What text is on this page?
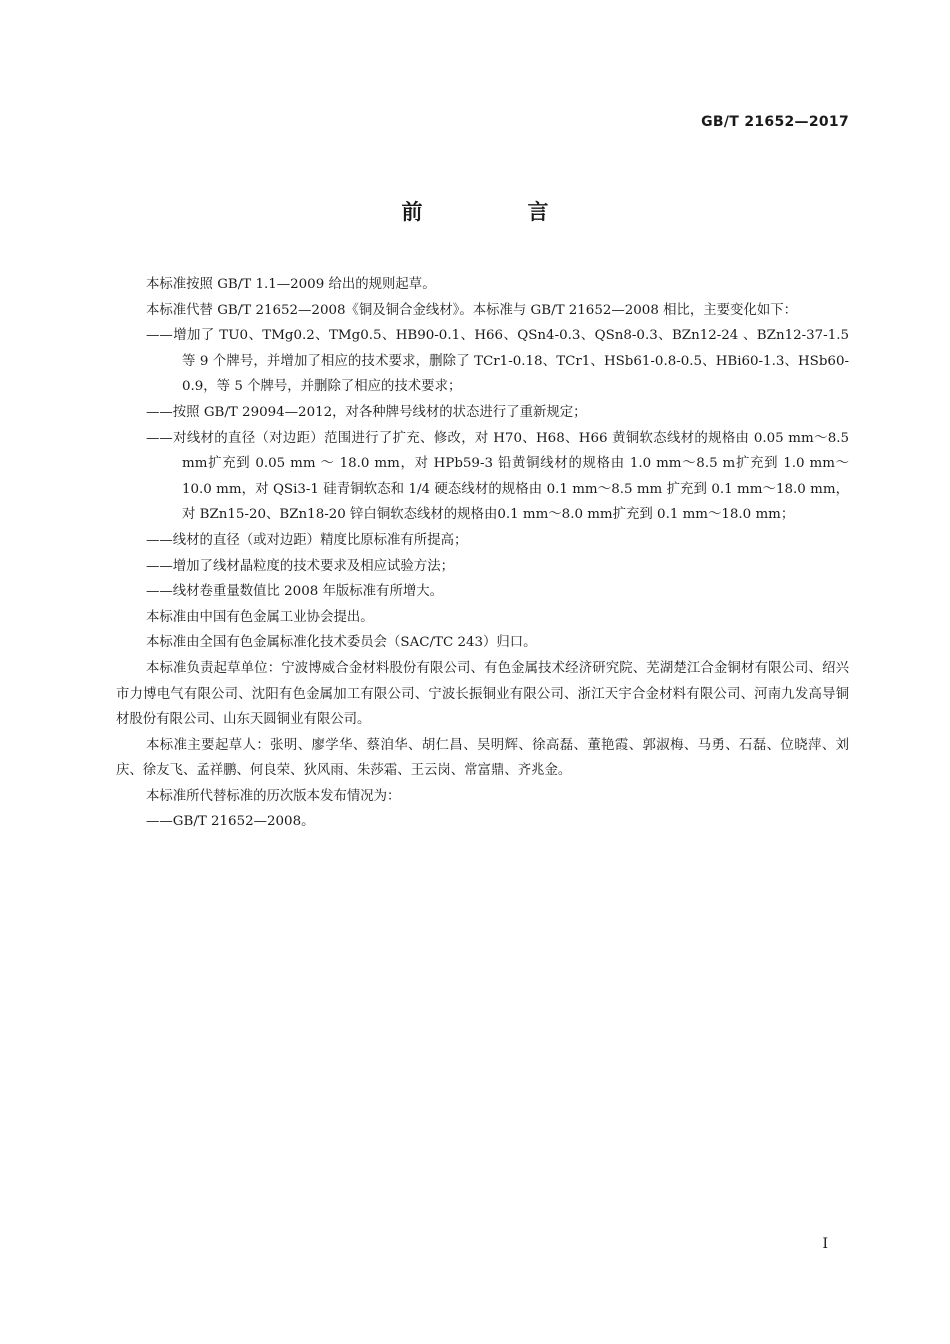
GB/T 21652—2017
前　言

本标准按照 GB/T 1.1—2009 给出的规则起草。

本标准代替 GB/T 21652—2008《铜及铜合金线材》。本标准与 GB/T 21652—2008 相比，主要变化如下：

——增加了 TU0、TMg0.2、TMg0.5、HB90-0.1、H66、QSn4-0.3、QSn8-0.3、BZn12-24 、BZn12-37-1.5 等 9 个牌号，并增加了相应的技术要求，删除了 TCr1-0.18、TCr1、HSb61-0.8-0.5、HBi60-1.3、HSb60-0.9，等 5 个牌号，并删除了相应的技术要求；

——按照 GB/T 29094—2012，对各种牌号线材的状态进行了重新规定；

——对线材的直径（对边距）范围进行了扩充、修改，对 H70、H68、H66 黄铜软态线材的规格由 0.05 mm～8.5 mm扩充到 0.05 mm ～ 18.0 mm，对 HPb59-3 铅黄铜线材的规格由 1.0 mm～8.5 m扩充到 1.0 mm～10.0 mm，对 QSi3-1 硅青铜软态和 1/4 硬态线材的规格由 0.1 mm～8.5 mm 扩充到 0.1 mm～18.0 mm，对 BZn15-20、BZn18-20 锌白铜软态线材的规格由0.1 mm～8.0 mm扩充到 0.1 mm～18.0 mm；

——线材的直径（或对边距）精度比原标准有所提高；

——增加了线材晶粒度的技术要求及相应试验方法；

——线材卷重量数值比 2008 年版标准有所增大。

本标准由中国有色金属工业协会提出。

本标准由全国有色金属标准化技术委员会（SAC/TC 243）归口。

本标准负责起草单位：宁波博威合金材料股份有限公司、有色金属技术经济研究院、芜湖楚江合金铜材有限公司、绍兴市力博电气有限公司、沈阳有色金属加工有限公司、宁波长振铜业有限公司、浙江天宇合金材料有限公司、河南九发高导铜材股份有限公司、山东天圆铜业有限公司。

本标准主要起草人：张明、廖学华、蔡洎华、胡仁昌、吴明辉、徐高磊、董艳霞、郭淑梅、马勇、石磊、位晓萍、刘庆、徐友飞、孟祥鹏、何良荣、狄风雨、朱莎霜、王云岗、常富鼎、齐兆金。

本标准所代替标准的历次版本发布情况为：

——GB/T 21652—2008。

I
